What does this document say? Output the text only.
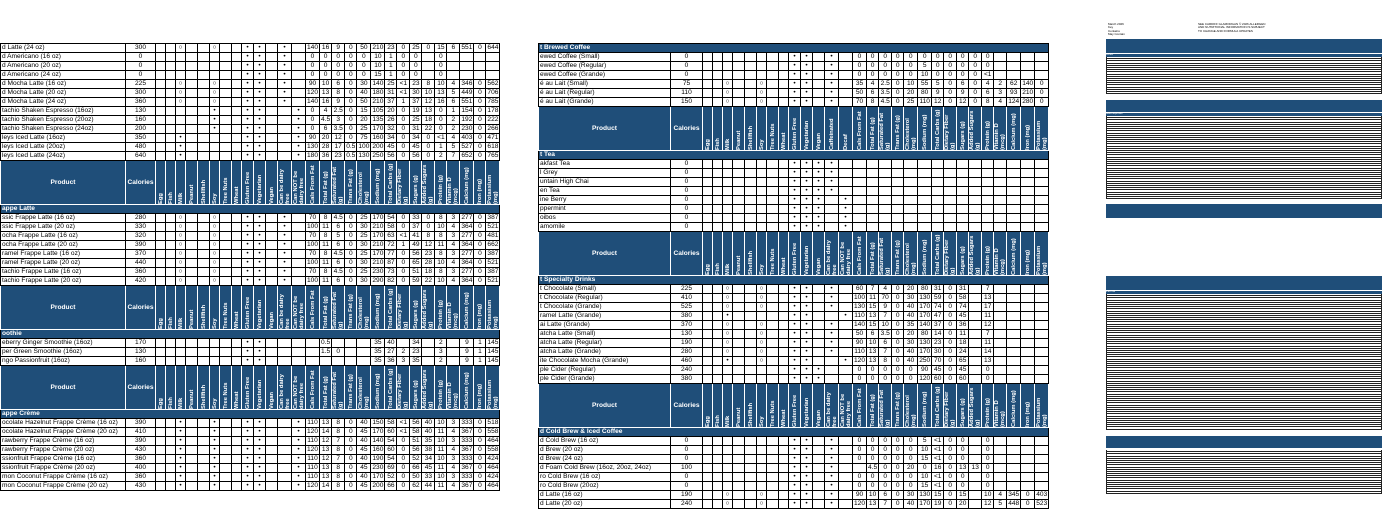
d Latte (24 oz)	300			○			○			•	•		•		140	16	9	0	50	210	23	0	25	0	15	6	551	0	644
d Americano (16 oz)	0									•	•		•		0	0	0	0	0	10	1	0	0		0				
d Americano (20 oz)	0									•	•		•		0	0	0	0	0	10	1	0	0		0				
d Americano (24 oz)	0									•	•		•		0	0	0	0	0	15	1	0	0		0				
d Mocha Latte (16 oz)	225			○			○			•	•		•		90	10	6	0	30	140	25	<1	23	8	10	4	346	0	562
d Mocha Latte (20 oz)	300			○			○			•	•		•		120	13	8	0	40	180	31	<1	30	10	13	5	449	0	706
d Mocha Latte (24 oz)	360			○			○			•	•		•		140	16	9	0	50	210	37	1	37	12	16	6	551	0	785
tachio Shaken Espresso (16oz)	130						•			•	•			•	0	4	2.5	0	15	105	20	0	19	13	0	1	154	0	178
tachio Shaken Espresso (20oz)	160						•			•	•			•	0	4.5	3	0	20	135	26	0	25	18	0	2	192	0	222
tachio Shaken Espresso (24oz)	200						•			•	•			•	0	6	3.5	0	25	170	32	0	31	22	0	2	230	0	266
leys Iced Latte (16oz)	350			•						•	•			•	90	20	12	0	75	160	34	0	34	0	<1	4	403	0	471
leys Iced Latte (20oz)	480			•						•	•			•	130	28	17	0.5	100	200	45	0	45	0	1	5	527	0	618
leys Iced Latte (24oz)	640			•						•	•			•	180	36	23	0.5	130	250	56	0	56	0	2	7	652	0	765
Product	Calories	Egg	Fish	Milk	Peanut	Shellfish	Soy	Tree Nuts	Wheat	Gluten Free	Vegetarian	Vegan	Can be dairy free	Can NOT be dairy free	Cals From Fat	Total Fat (g)	Saturated Fat (g)	Trans Fat (g)	Cholesterol (mg)	Sodium (mg)	Total Carbs (g)	Dietary Fiber (g)	Sugars (g)	Added Sugars (g)	Protein (g)	Vitamin D (mcg)	Calcium (mg)	Iron (mg)	Potassium (mg)

appe Latte																													
ssic Frappe Latte (16 oz)	280			○			○			•	•		•		70	8	4.5	0	25	170	54	0	33	0	8	3	277	0	387
ssic Frappe Latte (20 oz)	330			○			○			•	•		•		100	11	6	0	30	210	58	0	37	0	10	4	364	0	521
ocha Frappe Latte (16 oz)	320			○			○			•	•		•		70	8	5	0	25	170	63	<1	41	8	8	3	277	0	481
ocha Frappe Latte (20 oz)	390			○			○			•	•		•		100	11	6	0	30	210	72	1	49	12	11	4	364	0	662
ramel Frappe Latte (16 oz)	370			○			○			•	•		•		70	8	4.5	0	25	170	77	0	56	23	8	3	277	0	387
ramel Frappe Latte (20 oz)	440			○			○			•	•		•		100	11	6	0	30	210	87	0	65	28	10	4	364	0	521
tachio Frappe Latte (16 oz)	360			○			○			•	•		•		70	8	4.5	0	25	230	73	0	51	18	8	3	277	0	387
tachio Frappe Latte (20 oz)	420			○			○			•	•		•		100	11	6	0	30	290	82	0	59	22	10	4	364	0	521
Product	Calories	Egg	Fish	Milk	Peanut	Shellfish	Soy	Tree Nuts	Wheat	Gluten Free	Vegetarian	Vegan	Can be dairy free	Can NOT be dairy free	Cals From Fat	Total Fat (g)	Saturated Fat (g)	Trans Fat (g)	Cholesterol (mg)	Sodium (mg)	Total Carbs (g)	Dietary Fiber (g)	Sugars (g)	Added Sugars (g)	Protein (g)	Vitamin D (mcg)	Calcium (mg)	Iron (mg)	Potassium (mg)

oothie																													
eberry Ginger Smoothie (16oz)	170									•	•					0.5				35	40		34		2		9	1	145
per Green Smoothie (16oz)	130									•	•					1.5	0			35	27	2	23		3		9	1	145
ngo Passionfruit (16oz)	160									•	•									35	36	3	35		2		9	1	145
Product	Calories	Egg	Fish	Milk	Peanut	Shellfish	Soy	Tree Nuts	Wheat	Gluten Free	Vegetarian	Vegan	Can be dairy free	Can NOT be dairy free	Cals From Fat	Total Fat (g)	Saturated Fat (g)	Trans Fat (g)	Cholesterol (mg)	Sodium (mg)	Total Carbs (g)	Dietary Fiber (g)	Sugars (g)	Added Sugars (g)	Protein (g)	Vitamin D (mcg)	Calcium (mg)	Iron (mg)	Potassium (mg)

appe Crème																													
ocolate Hazelnut Frappe Crème (16 oz)	390			•			•			•	•			•	110	13	8	0	40	150	58	<1	56	40	10	3	333	0	518
ocolate Hazelnut Frappe Crème (20 oz)	410			•			•			•	•			•	120	14	8	0	45	170	60	<1	58	40	11	4	367	0	558
rawberry Frappe Crème (16 oz)	390			•			•			•	•			•	110	12	7	0	40	140	54	0	51	35	10	3	333	0	464
rawberry Frappe Crème (20 oz)	430			•			•			•	•			•	120	13	8	0	45	160	60	0	56	38	11	4	367	0	558
ssionfruit Frappe Crème (16 oz)	360			•			•			•	•			•	110	12	7	0	40	190	54	0	52	34	10	3	333	0	424
ssionfruit Frappe Crème (20 oz)	400			•			•			•	•			•	110	13	8	0	45	230	69	0	66	45	11	4	367	0	464
mon Coconut Frappe Crème (16 oz)	360			•			•			•	•			•	110	13	8	0	40	170	52	0	50	33	10	3	333	0	424
mon Coconut Frappe Crème (20 oz)	430			•			•			•	•			•	120	14	8	0	45	200	66	0	62	44	11	4	367	0	464
t Brewed Coffee																													
ewed Coffee (Small)	0									•	•		•		0	0	0	0	0	0	0	0	0	0	0				
ewed Coffee (Regular)	0									•	•		•		0	0	0	0	0	5	0	0	0	0	0				
ewed Coffee (Grande)	0									•	•		•		0	0	0	0	0	10	0	0	0	0	<1				
é au Lait (Small)	75			○			○			•	•		•		35	4	2.5	0	10	55	5	0	6	0	4	2	62	140	0
é au Lait (Regular)	110			○			○			•	•		•		50	6	3.5	0	20	80	9	0	9	0	6	3	93	210	0
é au Lait (Grande)	150			○			○			•	•		•		70	8	4.5	0	25	110	12	0	12	0	8	4	124	280	0
Product	Calories	Egg	Fish	Milk	Peanut	Shellfish	Soy	Tree Nuts	Wheat	Gluten Free	Vegetarian	Vegan	Caffeinated	Decaf	Cals From Fat	Total Fat (g)	Saturated Fat (g)	Trans Fat (g)	Cholesterol (mg)	Sodium (mg)	Total Carbs (g)	Dietary Fiber (g)	Sugars (g)	Added Sugars (g)	Protein (g)	Vitamin D (mcg)	Calcium (mg)	Iron (mg)	Potassium (mg)

t Tea																													
akfast Tea	0									•	•	•	•																
l Grey	0									•	•	•	•																
untain High Chai	0									•	•	•	•																
en Tea	0									•	•	•	•																
ine Berry	0									•	•	•		•															
ppermint	0									•	•	•		•															
oibos	0									•	•	•		•															
amomile	0									•	•	•		•															
Product	Calories	Egg	Fish	Milk	Peanut	Shellfish	Soy	Tree Nuts	Wheat	Gluten Free	Vegetarian	Vegan	Can be dairy free	Can NOT be dairy free	Cals From Fat	Total Fat (g)	Saturated Fat (g)	Trans Fat (g)	Cholesterol (mg)	Sodium (mg)	Total Carbs (g)	Dietary Fiber (g)	Sugars (g)	Added Sugars (g)	Protein (g)	Vitamin D (mcg)	Calcium (mg)	Iron (mg)	Potassium (mg)

t Specialty Drinks																													
t Chocolate (Small)	225			○			○			•	•		•		60	7	4	0	20	80	31	0	31		7				
t Chocolate (Regular)	410			○			○			•	•		•		100	11	70	0	30	130	59	0	58		13				
t Chocolate (Grande)	525			○			○			•	•		•		130	15	9	0	40	170	74	0	74		17				
ramel Latte (Grande)	380			•						•	•			•	110	13	7	0	40	170	47	0	45		11				
ai Latte (Grande)	370			○			○			•	•		•		140	15	10	0	35	140	37	0	36		12				
atcha Latte (Small)	130			○			○			•	•		•		50	6	3.5	0	20	80	14	0	11		7				
atcha Latte (Regular)	190			○			○			•	•		•		90	10	6	0	30	130	23	0	18		11				
atcha Latte (Grande)	280			○			○			•	•		•		110	13	7	0	40	170	30	0	24		14				
ite Chocolate Mocha (Grande)	460			•			○			•	•			•	120	13	8	0	40	250	70	0	65		13				
ple Cider (Regular)	240									•	•	•			0	0	0	0	0	90	45	0	45		0				
ple Cider (Grande)	380									•	•	•			0	0	0	0	0	120	60	0	60		0				
Product	Calories	Egg	Fish	Milk	Peanut	Shellfish	Soy	Tree Nuts	Wheat	Gluten Free	Vegetarian	Vegan	Can be dairy free	Can NOT be dairy free	Cals From Fat	Total Fat (g)	Saturated Fat (g)	Trans Fat (g)	Cholesterol (mg)	Sodium (mg)	Total Carbs (g)	Dietary Fiber (g)	Sugars (g)	Added Sugars (g)	Protein (g)	Vitamin D (mcg)	Calcium (mg)	Iron (mg)	Potassium (mg)

d Cold Brew & Iced Coffee																													
d Cold Brew (16 oz)	0									•	•		•		0	0	0	0	0	5	<1	0	0		0				
d Brew (20 oz)	0									•	•		•		0	0	0	0	0	10	<1	0	0		0				
d Brew (24 oz)	0									•	•		•		0	0	0	0	0	15	<1	0	0		0				
d Foam Cold Brew (16oz, 20oz, 24oz)	100									•	•		•			4.5	0	0	20	0	16	0	13	13	0				
ro Cold Brew (16 oz)	0									•	•		•		0	0	0	0	0	10	<1	0	0		0				
ro Cold Brew (20oz)	0									•	•		•		0	0	0	0	0	15	<1	0	0		0				
d Latte (16 oz)	190			○			○			•	•		•		90	10	6	0	30	130	15	0	15		10	4	345	0	403
d Latte (20 oz)	240			○			○			•	•		•		120	13	7	0	40	170	19	0	20		12	5	448	0	523
March 2026
Key
Contains
May Contain
SEE CARDIFF GLAMORGAN © 2026 ALLERGEN AND NUTRITIONAL INFORMATION IS SUBJECT TO CHANGE AND FORMULA UPDATES
Drinks
Black Espresso
Iced Tea
